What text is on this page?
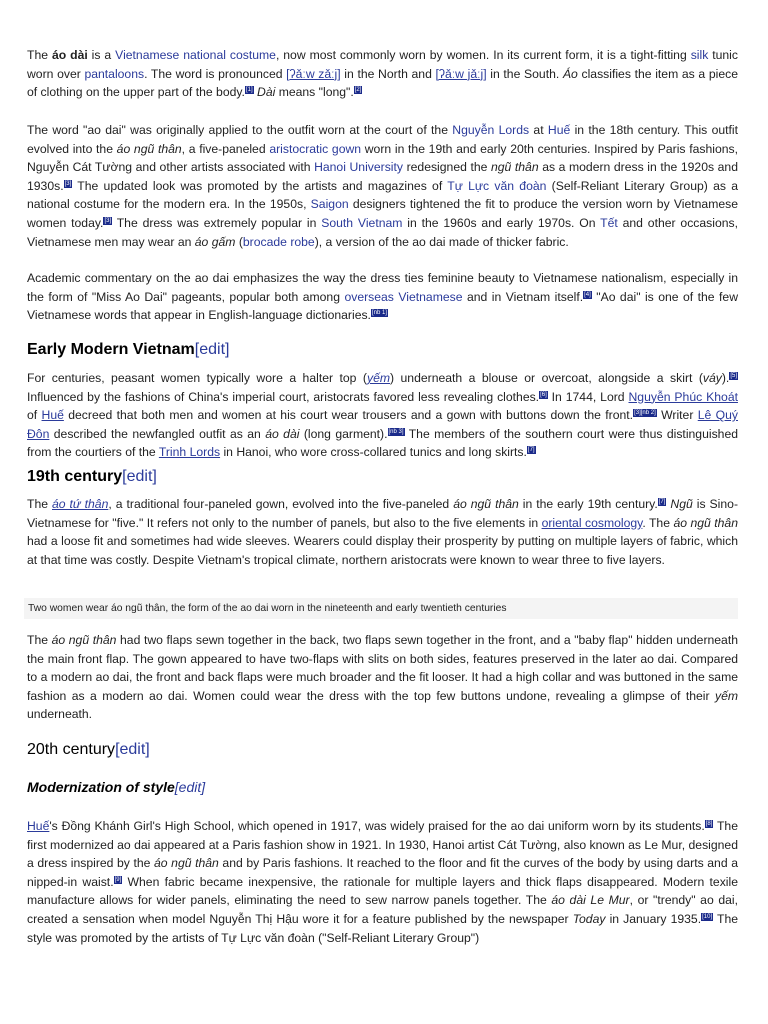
The áo dài is a Vietnamese national costume, now most commonly worn by women. In its current form, it is a tight-fitting silk tunic worn over pantaloons. The word is pronounced [ʔǎːw zǎːj] in the North and [ʔǎːw jǎːj] in the South. Áo classifies the item as a piece of clothing on the upper part of the body.[1] Dài means "long".[2]

The word "ao dai" was originally applied to the outfit worn at the court of the Nguyễn Lords at Huế in the 18th century. This outfit evolved into the áo ngũ thân, a five-paneled aristocratic gown worn in the 19th and early 20th centuries. Inspired by Paris fashions, Nguyễn Cát Tường and other artists associated with Hanoi University redesigned the ngũ thân as a modern dress in the 1920s and 1930s.[3] The updated look was promoted by the artists and magazines of Tự Lực văn đoàn (Self-Reliant Literary Group) as a national costume for the modern era. In the 1950s, Saigon designers tightened the fit to produce the version worn by Vietnamese women today.[3] The dress was extremely popular in South Vietnam in the 1960s and early 1970s. On Tết and other occasions, Vietnamese men may wear an áo gấm (brocade robe), a version of the ao dai made of thicker fabric.

Academic commentary on the ao dai emphasizes the way the dress ties feminine beauty to Vietnamese nationalism, especially in the form of "Miss Ao Dai" pageants, popular both among overseas Vietnamese and in Vietnam itself.[4] "Ao dai" is one of the few Vietnamese words that appear in English-language dictionaries.[nb 1]

Early Modern Vietnam[edit]

For centuries, peasant women typically wore a halter top (yếm) underneath a blouse or overcoat, alongside a skirt (váy).[5] Influenced by the fashions of China's imperial court, aristocrats favored less revealing clothes.[6] In 1744, Lord Nguyễn Phúc Khoát of Huế decreed that both men and women at his court wear trousers and a gown with buttons down the front.[3][nb 2] Writer Lê Quý Đôn described the newfangled outfit as an áo dài (long garment).[nb 3] The members of the southern court were thus distinguished from the courtiers of the Trinh Lords in Hanoi, who wore cross-collared tunics and long skirts.[7]

19th century[edit]

The áo tứ thân, a traditional four-paneled gown, evolved into the five-paneled áo ngũ thân in the early 19th century.[7] Ngũ is Sino-Vietnamese for "five." It refers not only to the number of panels, but also to the five elements in oriental cosmology. The áo ngũ thân had a loose fit and sometimes had wide sleeves. Wearers could display their prosperity by putting on multiple layers of fabric, which at that time was costly. Despite Vietnam's tropical climate, northern aristocrats were known to wear three to five layers.

Two women wear áo ngũ thân, the form of the ao dai worn in the nineteenth and early twentieth centuries

The áo ngũ thân had two flaps sewn together in the back, two flaps sewn together in the front, and a "baby flap" hidden underneath the main front flap. The gown appeared to have two-flaps with slits on both sides, features preserved in the later ao dai. Compared to a modern ao dai, the front and back flaps were much broader and the fit looser. It had a high collar and was buttoned in the same fashion as a modern ao dai. Women could wear the dress with the top few buttons undone, revealing a glimpse of their yếm underneath.

20th century[edit]
Modernization of style[edit]

Huế's Đồng Khánh Girl's High School, which opened in 1917, was widely praised for the ao dai uniform worn by its students.[8] The first modernized ao dai appeared at a Paris fashion show in 1921. In 1930, Hanoi artist Cát Tường, also known as Le Mur, designed a dress inspired by the áo ngũ thân and by Paris fashions. It reached to the floor and fit the curves of the body by using darts and a nipped-in waist.[9] When fabric became inexpensive, the rationale for multiple layers and thick flaps disappeared. Modern texile manufacture allows for wider panels, eliminating the need to sew narrow panels together. The áo dài Le Mur, or "trendy" ao dai, created a sensation when model Nguyễn Thị Hậu wore it for a feature published by the newspaper Today in January 1935.[10] The style was promoted by the artists of Tự Lực văn đoàn ("Self-Reliant Literary Group")
